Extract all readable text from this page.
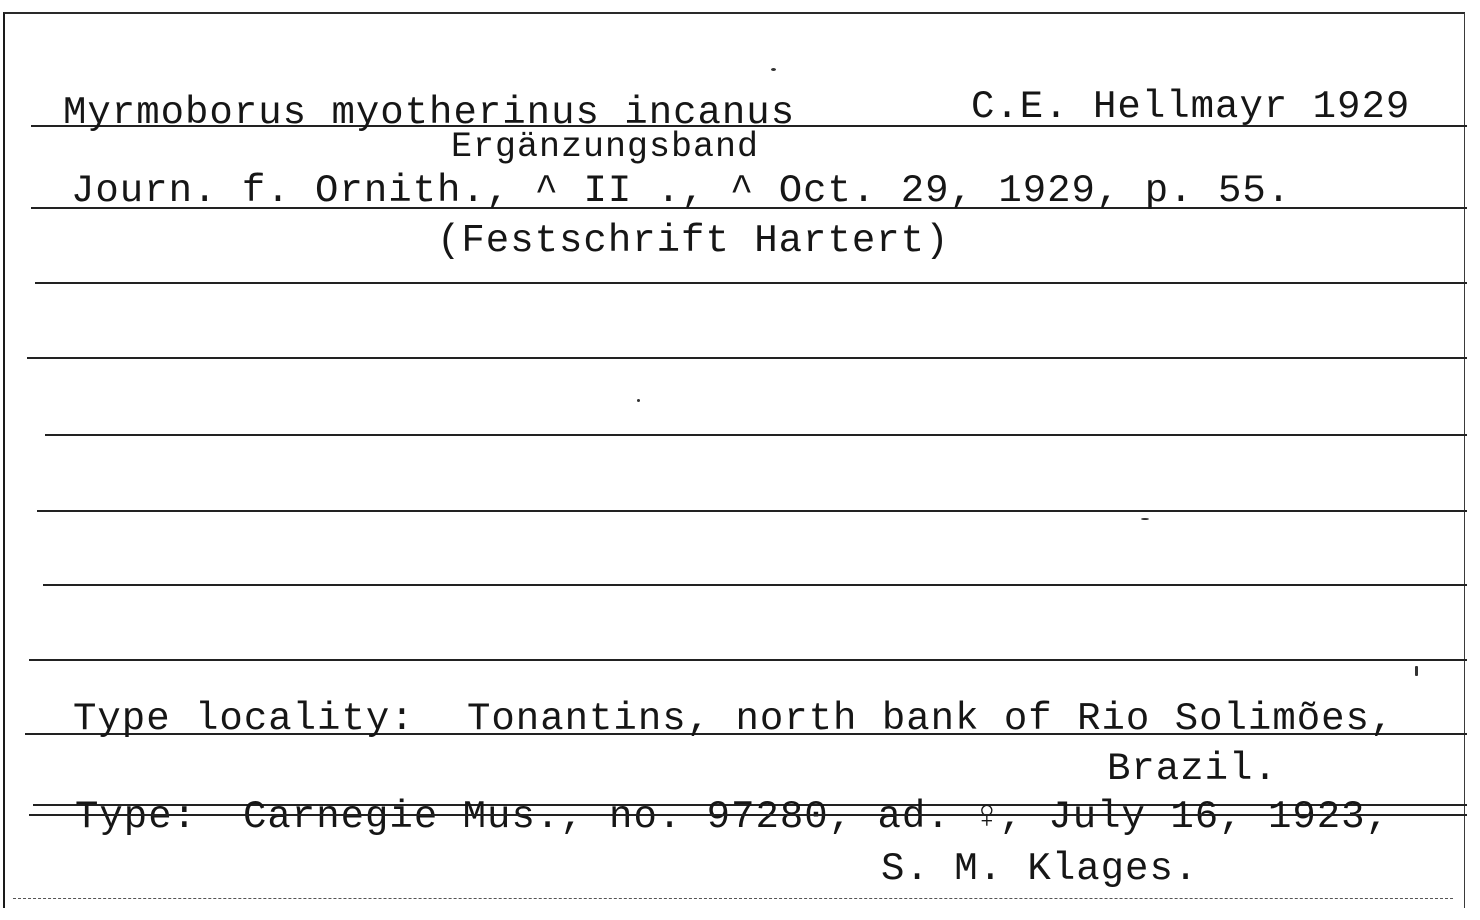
Myrmoborus myotherinus incanus	C.E. Hellmayr 1929

Ergänzungsband

Journ. f. Ornith., ^ II ., ^ Oct. 29, 1929, p. 55.

(Festschrift Hartert)

Type locality: Tonantins, north bank of Rio Solimões,

Brazil.

Type: Carnegie Mus., no. 97280, ad. ♀, July 16, 1923,

S. M. Klages.
